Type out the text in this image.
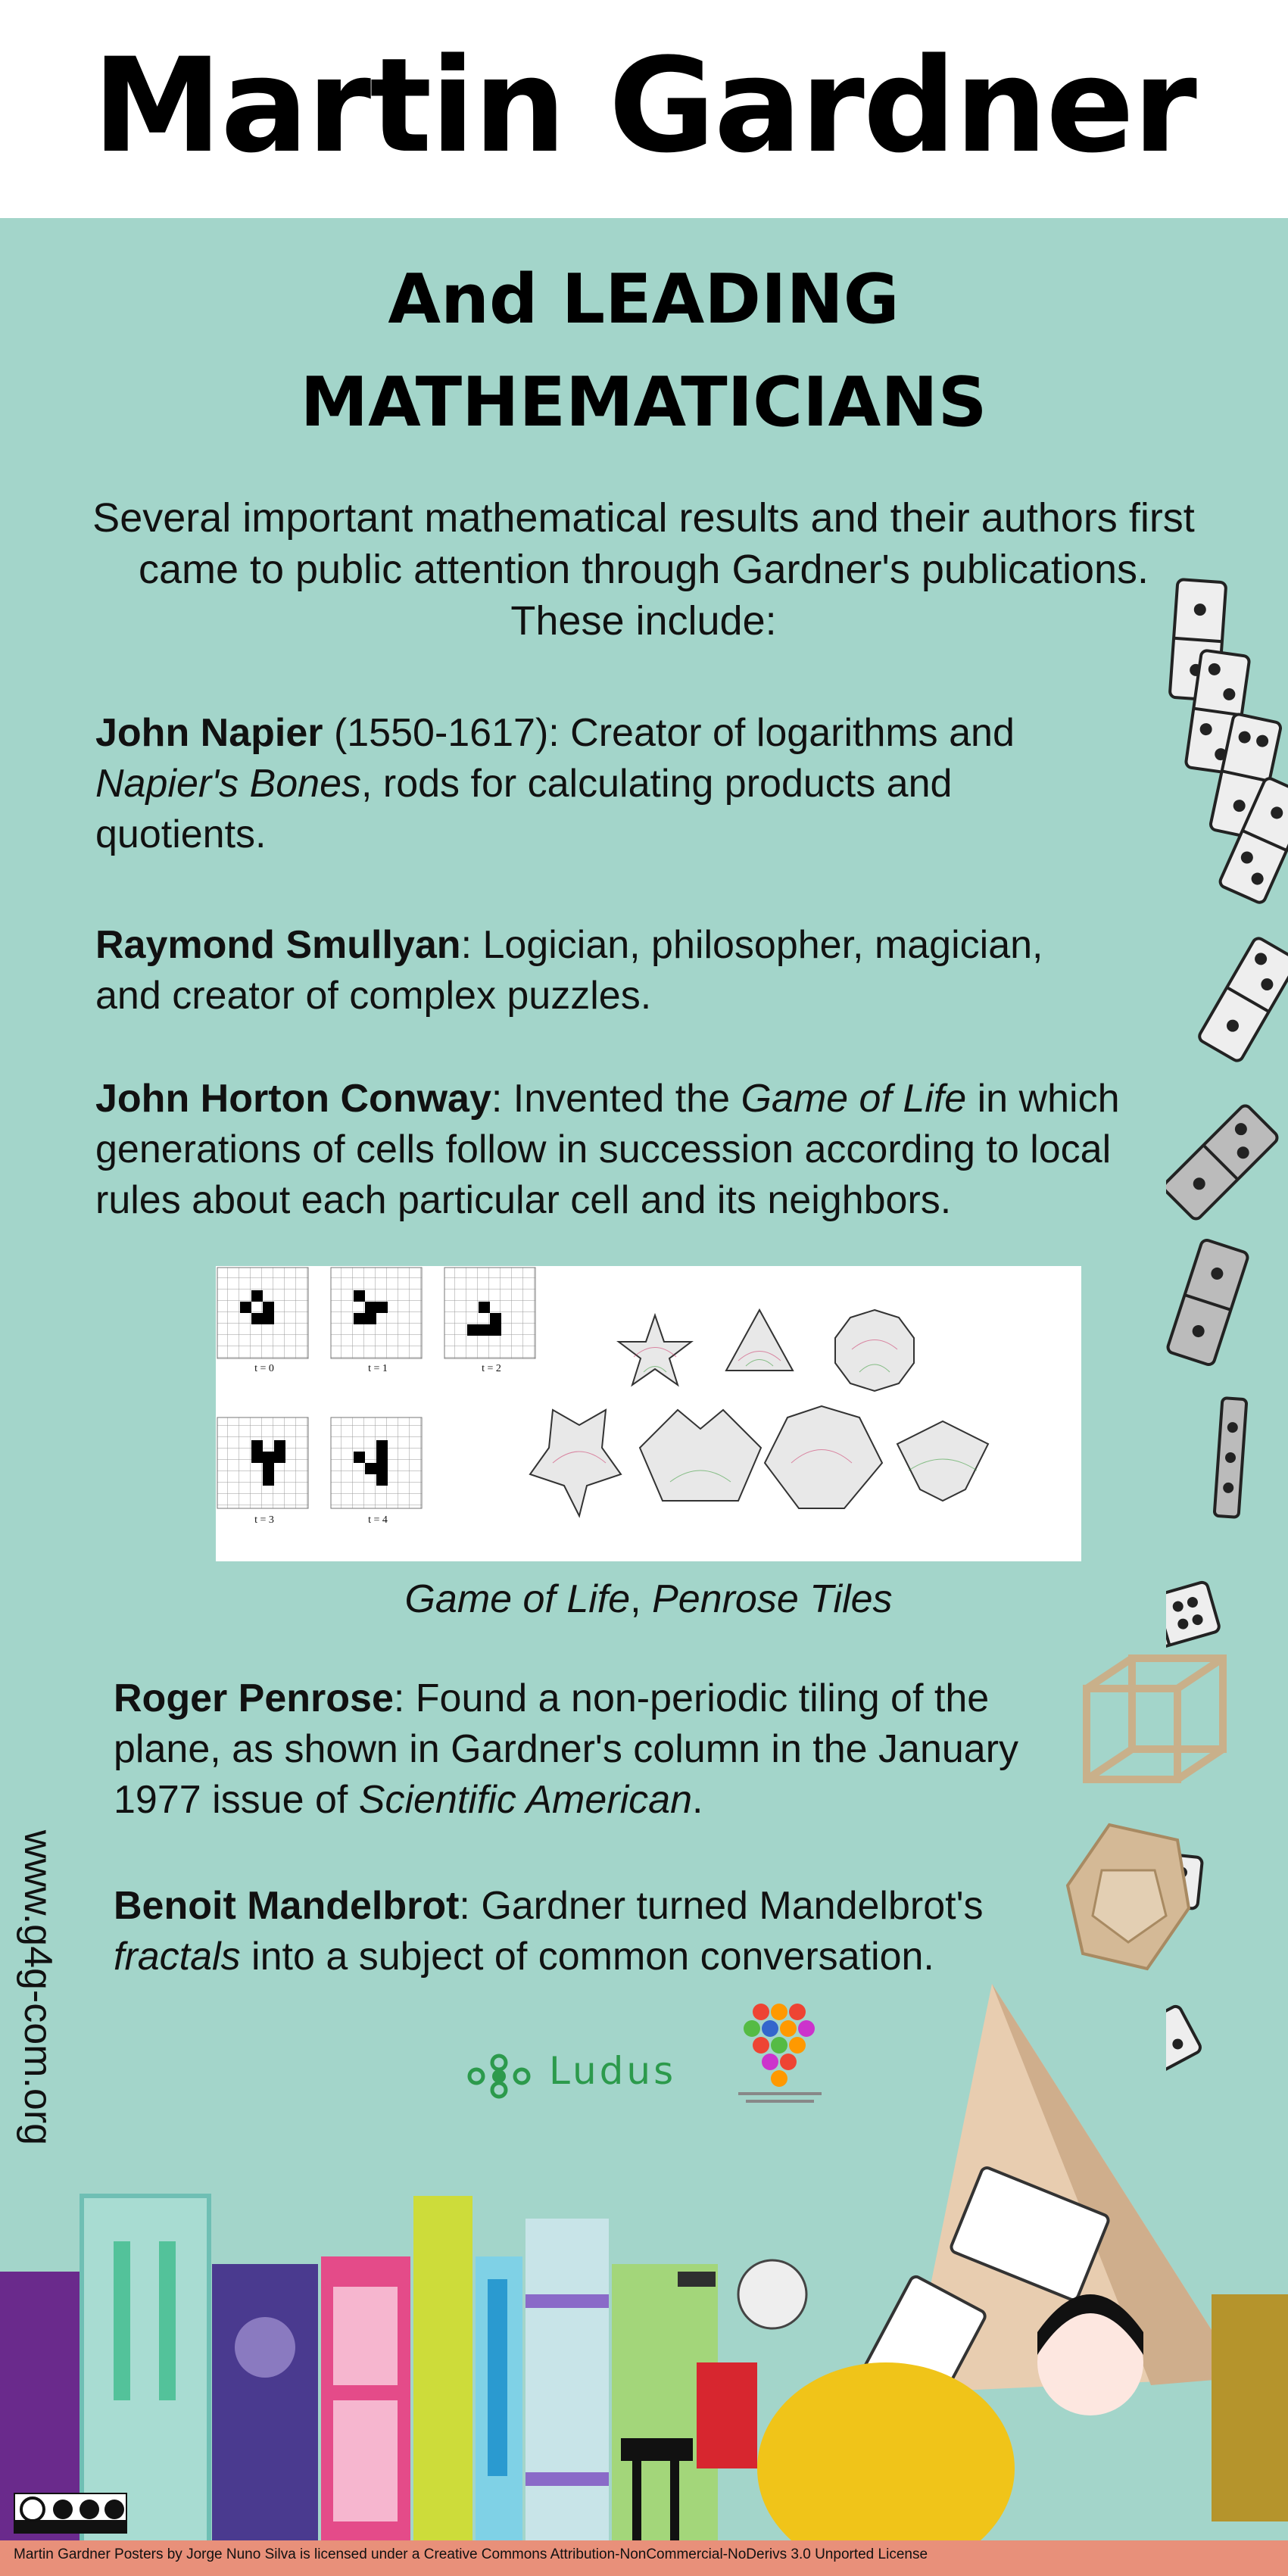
Martin Gardner
And LEADING MATHEMATICIANS

Several important mathematical results and their authors first came to public attention through Gardner's publications. These include:

John Napier (1550-1617): Creator of logarithms and Napier's Bones, rods for calculating products and quotients.

Raymond Smullyan: Logician, philosopher, magician, and creator of complex puzzles.

John Horton Conway: Invented the Game of Life in which generations of cells follow in succession according to local rules about each particular cell and its neighbors.

t = 0	t = 1	t = 2
t = 3	t = 4
Game of Life, Penrose Tiles

Roger Penrose: Found a non-periodic tiling of the plane, as shown in Gardner's column in the January 1977 issue of Scientific American.

Benoit Mandelbrot: Gardner turned Mandelbrot's fractals into a subject of common conversation.

www.g4g-com.org	Ludus
Martin Gardner Posters by Jorge Nuno Silva is licensed under a Creative Commons Attribution-NonCommercial-NoDerivs 3.0 Unported License
